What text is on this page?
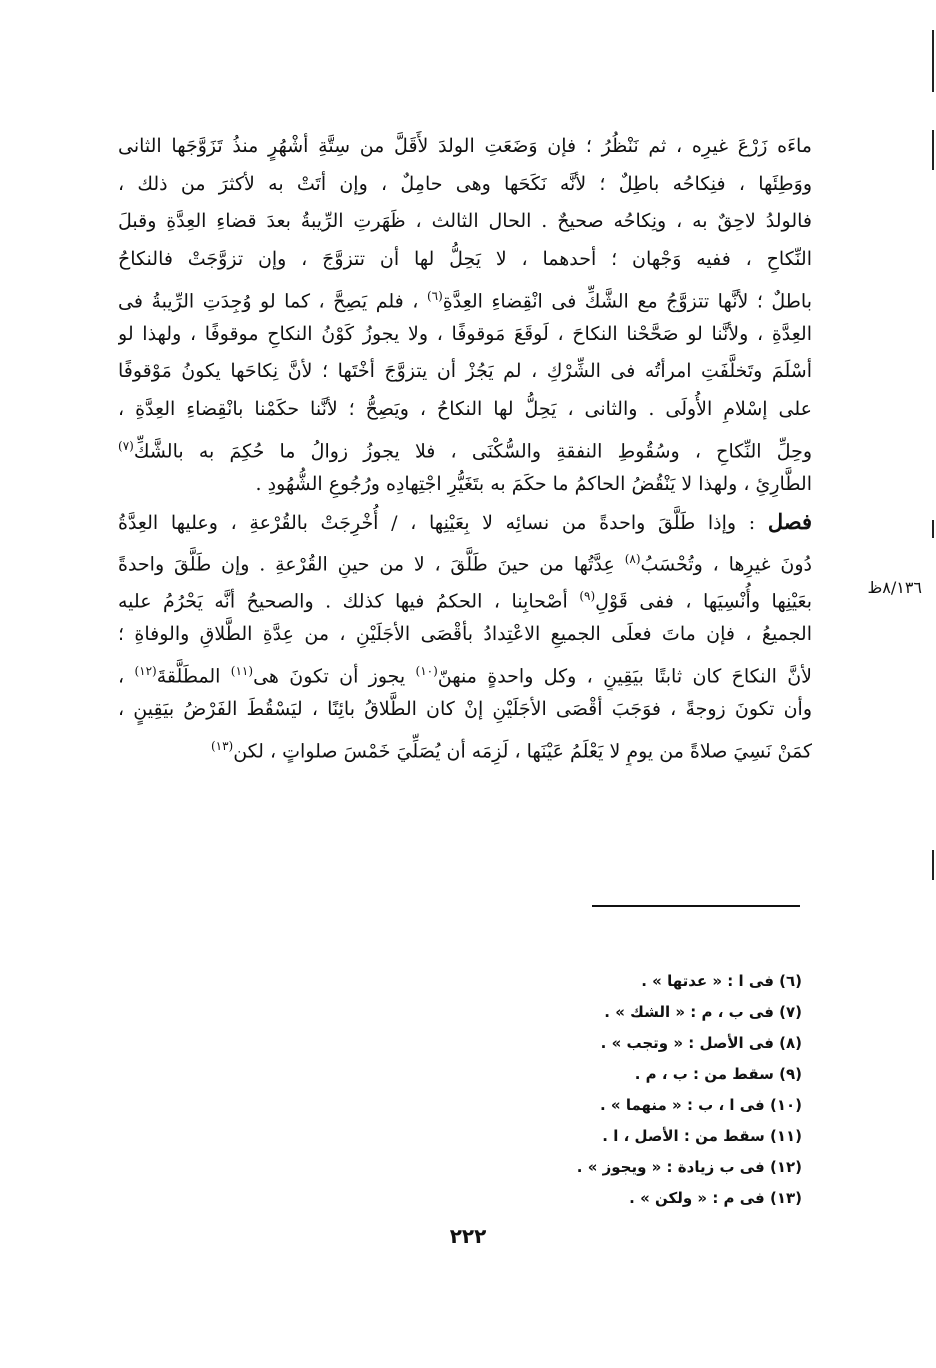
ماءَه زَرْعَ غيرِه ، ثم نَنْظُرُ ؛ فإن وَضَعَتِ الولدَ لأَقَلَّ من سِتَّةِ أشْهُرٍ منذُ تَزَوَّجَها الثانى
ووَطِئَها ، فنِكاحُه باطِلٌ ؛ لأنَّه نَكَحَها وهى حامِلٌ ، وإن أتَتْ به لأكثرَ من ذلك ،
فالولدُ لاحِقٌ به ، ونِكاحُه صحيحٌ . الحال الثالث ، ظَهَرتِ الرِّيبةُ بعدَ قضاءِ العِدَّةِ وقبلَ
النِّكاحِ ، ففيه وَجْهان ؛ أحدهما ، لا يَحِلُّ لها أن تتزوَّجَ ، وإن تزوَّجَتْ فالنكاحُ
باطلٌ ؛ لأنَّها تتزوَّجُ مع الشَّكِّ فى انْقِضاءِ العِدَّةِ$^{(٦)}$ ، فلم يَصِحَّ ، كما لو وُجِدَتِ الرِّيبةُ فى
العِدَّةِ ، ولأنَّنا لو صَحَّحْنا النكاحَ ، لَوقَعَ مَوقوفًا ، ولا يجوزُ كَوْنُ النكاحِ موقوفًا ، ولهذا لو
أسْلَمَ وتَخلَّفَتِ امرأتُه فى الشِّرْكِ ، لم يَجُزْ أن يتزوَّجَ أخْتَها ؛ لأنَّ نِكاحَها يكونُ مَوْقوفًا
على إسْلامِ الأُولَى . والثانى ، يَحِلُّ لها النكاحُ ، ويَصِحُّ ؛ لأنَّنا حكَمْنا بانْقِضاءِ العِدَّةِ ،
وحِلِّ النِّكاحِ ، وسُقُوطِ النفقةِ والسُّكْنَى ، فلا يجوزُ زوالُ ما حُكِمَ به بالشَّكِّ$^{(٧)}$
الطَّارِئِ ، ولهذا لا يَنْقُضُ الحاكمُ ما حكَمَ به بتَغَيُّرِ اجْتِهادِه ورُجُوعِ الشُّهُودِ .
فصل : وإذا طَلَّقَ واحدةً من نسائِه لا بِعَيْنِها ، / أُخْرِجَتْ بالقُرْعةِ ، وعليها العِدَّةُ
دُونَ غيرِها ، وتُحْسَبُ$^{(٨)}$ عِدَّتُها من حينَ طَلَّقَ ، لا من حينِ القُرْعةِ . وإن طَلَّقَ واحدةً
بعَيْنِها وأُنْسِيَها ، ففى قَوْلِ$^{(٩)}$ أصْحابِنا ، الحكمُ فيها كذلك . والصحيحُ أنَّه يَحْرُمُ عليه
الجميعُ ، فإن ماتَ فعلَى الجميعِ الاعْتِدادُ بأقْصَى الأجَلَيْنِ ، من عِدَّةِ الطَّلاقِ والوفاةِ ؛
لأنَّ النكاحَ كان ثابتًا بيَقِينٍ ، وكل واحدةٍ منهنّ$^{(١٠)}$ يجوز أن تكونَ هى$^{(١١)}$ المطَلَّقةَ$^{(١٢)}$ ،
وأن تكونَ زوجةً ، فوَجَبَ أقْصَى الأجَلَيْنِ إنْ كان الطَّلاقُ بائِنًا ، ليَسْقُطَ الفَرْضُ بيَقِينٍ ،
كمَنْ نَسِيَ صلاةً من يومٍ لا يَعْلَمُ عَيْنَها ، لَزِمَه أن يُصَلِّيَ خَمْسَ صلواتٍ ، لكن$^{(١٣)}$
٨/١٣٦ظ
(٦) فى ا : « عدتها » .
(٧) فى ب ، م : « الشك » .
(٨) فى الأصل : « وتجب » .
(٩) سقط من : ب ، م .
(١٠) فى ا ، ب : « منهما » .
(١١) سقط من : الأصل ، ا .
(١٢) فى ب زيادة : « ويجوز » .
(١٣) فى م : « ولكن » .
٢٢٢
